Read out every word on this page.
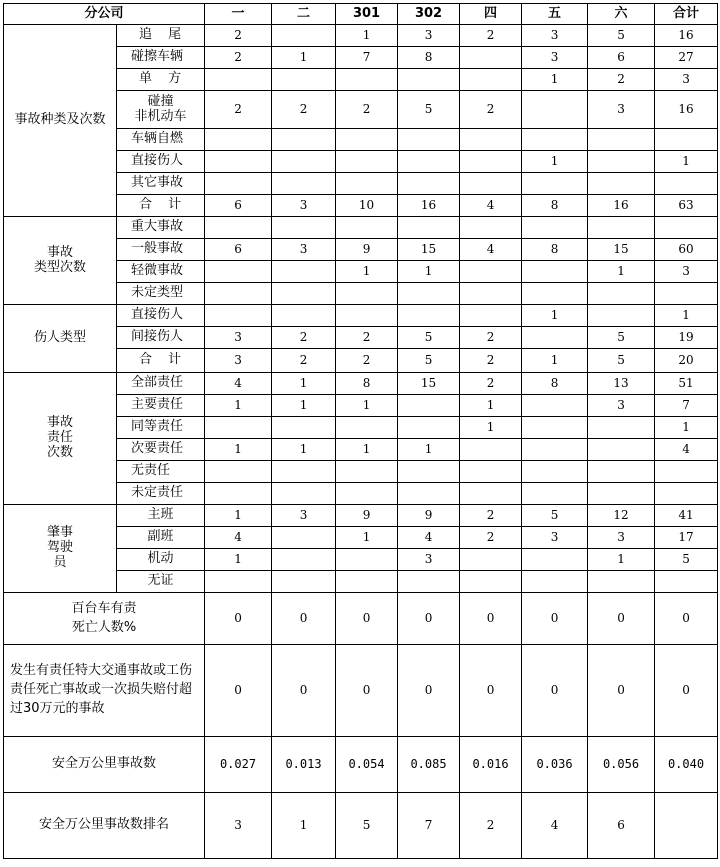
分公司		一	二	301	302	四	五	六	合计
事故种类及次数	追 尾	2		1	3	2	3	5	16
	碰擦车辆	2	1	7	8		3	6	27
	单 方						1	2	3
	碰撞
非机动车	2	2	2	5	2		3	16
	车辆自燃								
	直接伤人						1		1
	其它事故								
	合 计	6	3	10	16	4	8	16	63
事故
类型次数	重大事故								
	一般事故	6	3	9	15	4	8	15	60
	轻微事故			1	1			1	3
	未定类型								
伤人类型	直接伤人						1		1
	间接伤人	3	2	2	5	2		5	19
	合 计	3	2	2	5	2	1	5	20
事故
责任
次数	全部责任	4	1	8	15	2	8	13	51
	主要责任	1	1	1		1		3	7
	同等责任					1			1
	次要责任	1	1	1	1				4
	无责任								
	未定责任								
肇事
驾驶
员	主班	1	3	9	9	2	5	12	41
	副班	4		1	4	2	3	3	17
	机动	1			3			1	5
	无证								
百台车有责
死亡人数%		0	0	0	0	0	0	0	0
发生有责任特大交通事故或工伤责任死亡事故或一次损失赔付超过30万元的事故		0	0	0	0	0	0	0	0
安全万公里事故数		0.027	0.013	0.054	0.085	0.016	0.036	0.056	0.040
安全万公里事故数排名		3	1	5	7	2	4	6	
